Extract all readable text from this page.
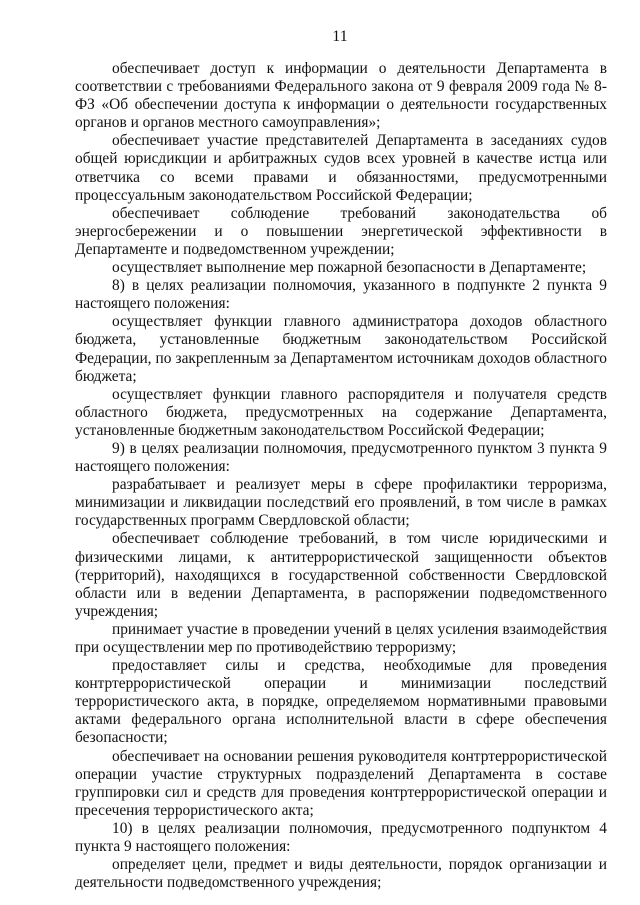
11

обеспечивает доступ к информации о деятельности Департамента в соответствии с требованиями Федерального закона от 9 февраля 2009 года № 8-ФЗ «Об обеспечении доступа к информации о деятельности государственных органов и органов местного самоуправления»;

обеспечивает участие представителей Департамента в заседаниях судов общей юрисдикции и арбитражных судов всех уровней в качестве истца или ответчика со всеми правами и обязанностями, предусмотренными процессуальным законодательством Российской Федерации;

обеспечивает соблюдение требований законодательства об энергосбережении и о повышении энергетической эффективности в Департаменте и подведомственном учреждении;

осуществляет выполнение мер пожарной безопасности в Департаменте;

8) в целях реализации полномочия, указанного в подпункте 2 пункта 9 настоящего положения:

осуществляет функции главного администратора доходов областного бюджета, установленные бюджетным законодательством Российской Федерации, по закрепленным за Департаментом источникам доходов областного бюджета;

осуществляет функции главного распорядителя и получателя средств областного бюджета, предусмотренных на содержание Департамента, установленные бюджетным законодательством Российской Федерации;

9) в целях реализации полномочия, предусмотренного пунктом 3 пункта 9 настоящего положения:

разрабатывает и реализует меры в сфере профилактики терроризма, минимизации и ликвидации последствий его проявлений, в том числе в рамках государственных программ Свердловской области;

обеспечивает соблюдение требований, в том числе юридическими и физическими лицами, к антитеррористической защищенности объектов (территорий), находящихся в государственной собственности Свердловской области или в ведении Департамента, в распоряжении подведомственного учреждения;

принимает участие в проведении учений в целях усиления взаимодействия при осуществлении мер по противодействию терроризму;

предоставляет силы и средства, необходимые для проведения контртеррористической операции и минимизации последствий террористического акта, в порядке, определяемом нормативными правовыми актами федерального органа исполнительной власти в сфере обеспечения безопасности;

обеспечивает на основании решения руководителя контртеррористической операции участие структурных подразделений Департамента в составе группировки сил и средств для проведения контртеррористической операции и пресечения террористического акта;

10) в целях реализации полномочия, предусмотренного подпунктом 4 пункта 9 настоящего положения:

определяет цели, предмет и виды деятельности, порядок организации и деятельности подведомственного учреждения;
